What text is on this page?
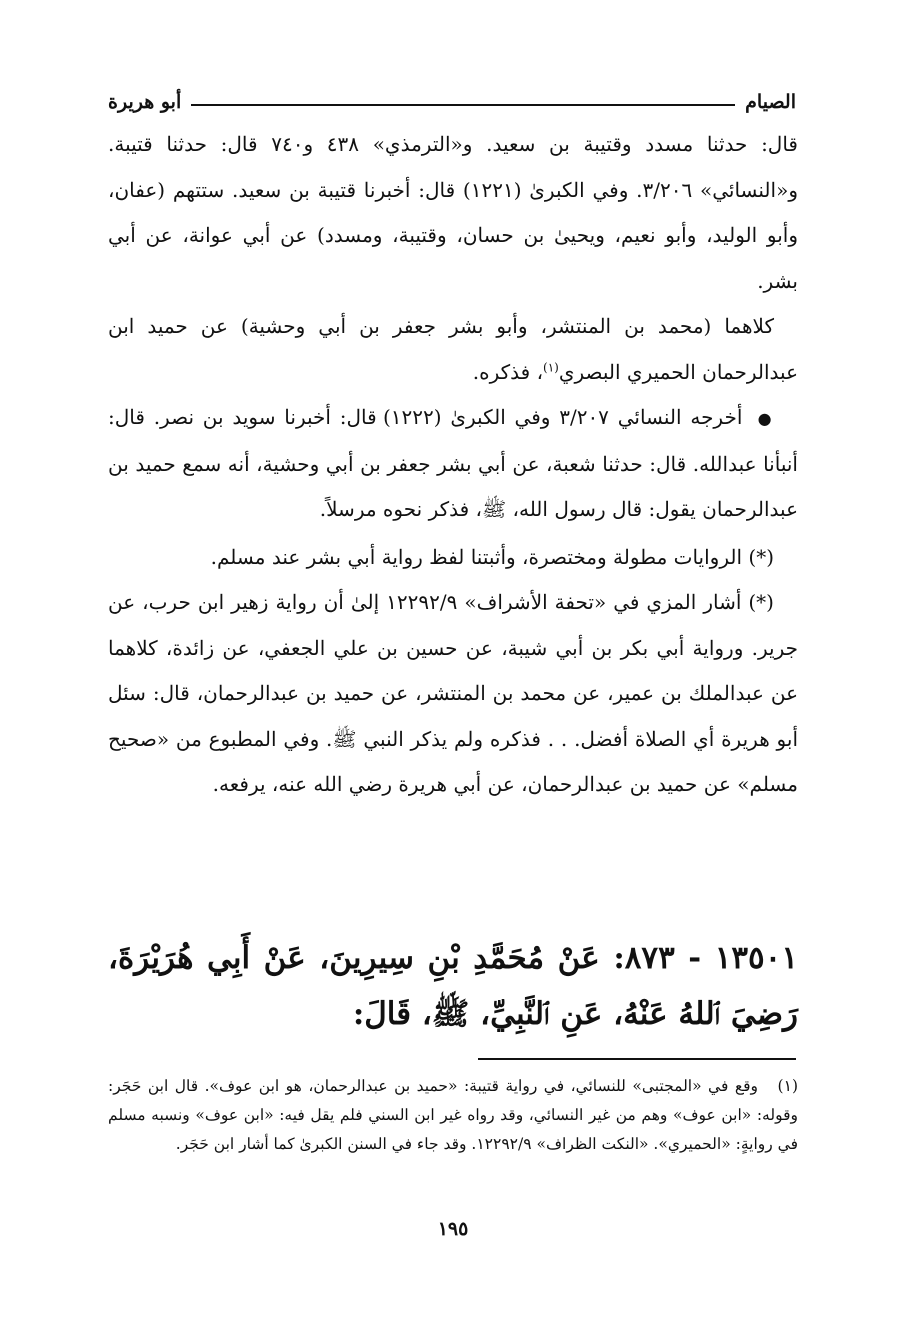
الصيام
أبو هريرة

قال: حدثنا مسدد وقتيبة بن سعيد. و«الترمذي» ٤٣٨ و٧٤٠ قال: حدثنا قتيبة. و«النسائي» ٣/٢٠٦. وفي الكبرىٰ (١٢٢١) قال: أخبرنا قتيبة بن سعيد. ستتهم (عفان، وأبو الوليد، وأبو نعيم، ويحيىٰ بن حسان، وقتيبة، ومسدد) عن أبي عوانة، عن أبي بشر.

كلاهما (محمد بن المنتشر، وأبو بشر جعفر بن أبي وحشية) عن حميد ابن عبدالرحمان الحميري البصري$^{(١)}$، فذكره.

● أخرجه النسائي ٣/٢٠٧ وفي الكبرىٰ (١٢٢٢) قال: أخبرنا سويد بن نصر. قال: أنبأنا عبدالله. قال: حدثنا شعبة، عن أبي بشر جعفر بن أبي وحشية، أنه سمع حميد بن عبدالرحمان يقول: قال رسول الله، ﷺ، فذكر نحوه مرسلاً.

(*) الروايات مطولة ومختصرة، وأثبتنا لفظ رواية أبي بشر عند مسلم.

(*) أشار المزي في «تحفة الأشراف» ١٢٢٩٢/٩ إلىٰ أن رواية زهير ابن حرب، عن جرير. ورواية أبي بكر بن أبي شيبة، عن حسين بن علي الجعفي، عن زائدة، كلاهما عن عبدالملك بن عمير، عن محمد بن المنتشر، عن حميد بن عبدالرحمان، قال: سئل أبو هريرة أي الصلاة أفضل. . . فذكره ولم يذكر النبي ﷺ. وفي المطبوع من «صحيح مسلم» عن حميد بن عبدالرحمان، عن أبي هريرة رضي الله عنه، يرفعه.

١٣٥٠١ - ٨٧٣: عَنْ مُحَمَّدِ بْنِ سِيرِينَ، عَنْ أَبِي هُرَيْرَةَ، رَضِيَ ٱللهُ عَنْهُ، عَنِ ٱلنَّبِيِّ، ﷺ، قَالَ:

(١)وقع في «المجتبى» للنسائي، في رواية قتيبة: «حميد بن عبدالرحمان، هو ابن عوف». قال ابن حَجَر: وقوله: «ابن عوف» وهم من غير النسائي، وقد رواه غير ابن السني فلم يقل فيه: «ابن عوف» ونسبه مسلم في روايةٍ: «الحميري». «النكت الظراف» ١٢٢٩٢/٩. وقد جاء في السنن الكبرىٰ كما أشار ابن حَجَر.

١٩٥
